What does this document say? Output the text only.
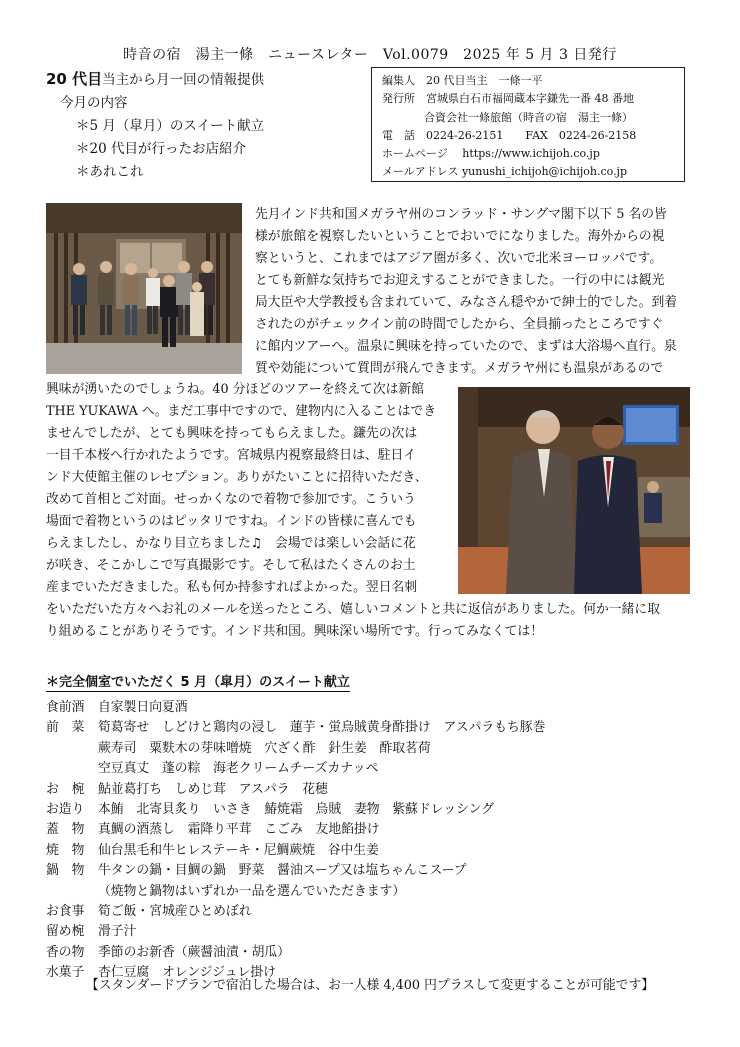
時音の宿　湯主一條　ニュースレター　Vol.0079　2025 年 5 月 3 日発行
20 代目当主から月一回の情報提供
今月の内容
＊5 月（皐月）のスイート献立
＊20 代目が行ったお店紹介
＊あれこれ
編集人　20 代目当主　一條一平
発行所　宮城県白石市福岡蔵本字鎌先一番 48 番地
合資会社一條旅館（時音の宿　湯主一條）
電　話　0224-26-2151　　FAX　0224-26-2158
ホームページ　 https://www.ichijoh.co.jp
メールアドレス yunushi_ichijoh@ichijoh.co.jp
先月インド共和国メガラヤ州のコンラッド・サングマ閣下以下 5 名の皆
様が旅館を視察したいということでおいでになりました。海外からの視
察というと、これまではアジア圏が多く、次いで北米ヨーロッパです。
とても新鮮な気持ちでお迎えすることができました。一行の中には観光
局大臣や大学教授も含まれていて、みなさん穏やかで紳士的でした。到着
されたのがチェックイン前の時間でしたから、全員揃ったところですぐ
に館内ツアーへ。温泉に興味を持っていたので、まずは大浴場へ直行。泉
質や効能について質問が飛んできます。メガラヤ州にも温泉があるので
興味が湧いたのでしょうね。40 分ほどのツアーを終えて次は新館
THE YUKAWA へ。まだ工事中ですので、建物内に入ることはでき
ませんでしたが、とても興味を持ってもらえました。鎌先の次は
一目千本桜へ行かれたようです。宮城県内視察最終日は、駐日イ
ンド大使館主催のレセプション。ありがたいことに招待いただき、
改めて首相とご対面。せっかくなので着物で参加です。こういう
場面で着物というのはピッタリですね。インドの皆様に喜んでも
らえましたし、かなり目立ちました♫　会場では楽しい会話に花
が咲き、そこかしこで写真撮影です。そして私はたくさんのお土
産までいただきました。私も何か持参すればよかった。翌日名刺
をいただいた方々へお礼のメールを送ったところ、嬉しいコメントと共に返信がありました。何か一緒に取
り組めることがありそうです。インド共和国。興味深い場所です。行ってみなくては！
＊完全個室でいただく 5 月（皐月）のスイート献立
食前酒	自家製日向夏酒
前　菜	筍葛寄せ　しどけと鶏肉の浸し　蓮芋・蛍烏賊黄身酢掛け　アスパラもち豚巻
蕨寿司　粟麩木の芽味噌焼　穴ざく酢　針生姜　酢取茗荷
空豆真丈　蓬の粽　海老クリームチーズカナッペ
お　椀	鮎並葛打ち　しめじ茸　アスパラ　花穂
お造り	本鮪　北寄貝炙り　いさき　鰆焼霜　烏賊　妻物　紫蘇ドレッシング
蓋　物	真鯛の酒蒸し　霜降り平茸　こごみ　友地餡掛け
焼　物	仙台黒毛和牛ヒレステーキ・尼鯛蕨焼　谷中生姜
鍋　物	牛タンの鍋・目鯛の鍋　野菜　醤油スープ又は塩ちゃんこスープ
（焼物と鍋物はいずれか一品を選んでいただきます）
お食事	筍ご飯・宮城産ひとめぼれ
留め椀	滑子汁
香の物	季節のお新香（蕨醤油漬・胡瓜）
水菓子	杏仁豆腐　オレンジジュレ掛け
【スタンダードプランで宿泊した場合は、お一人様 4,400 円プラスして変更することが可能です】
